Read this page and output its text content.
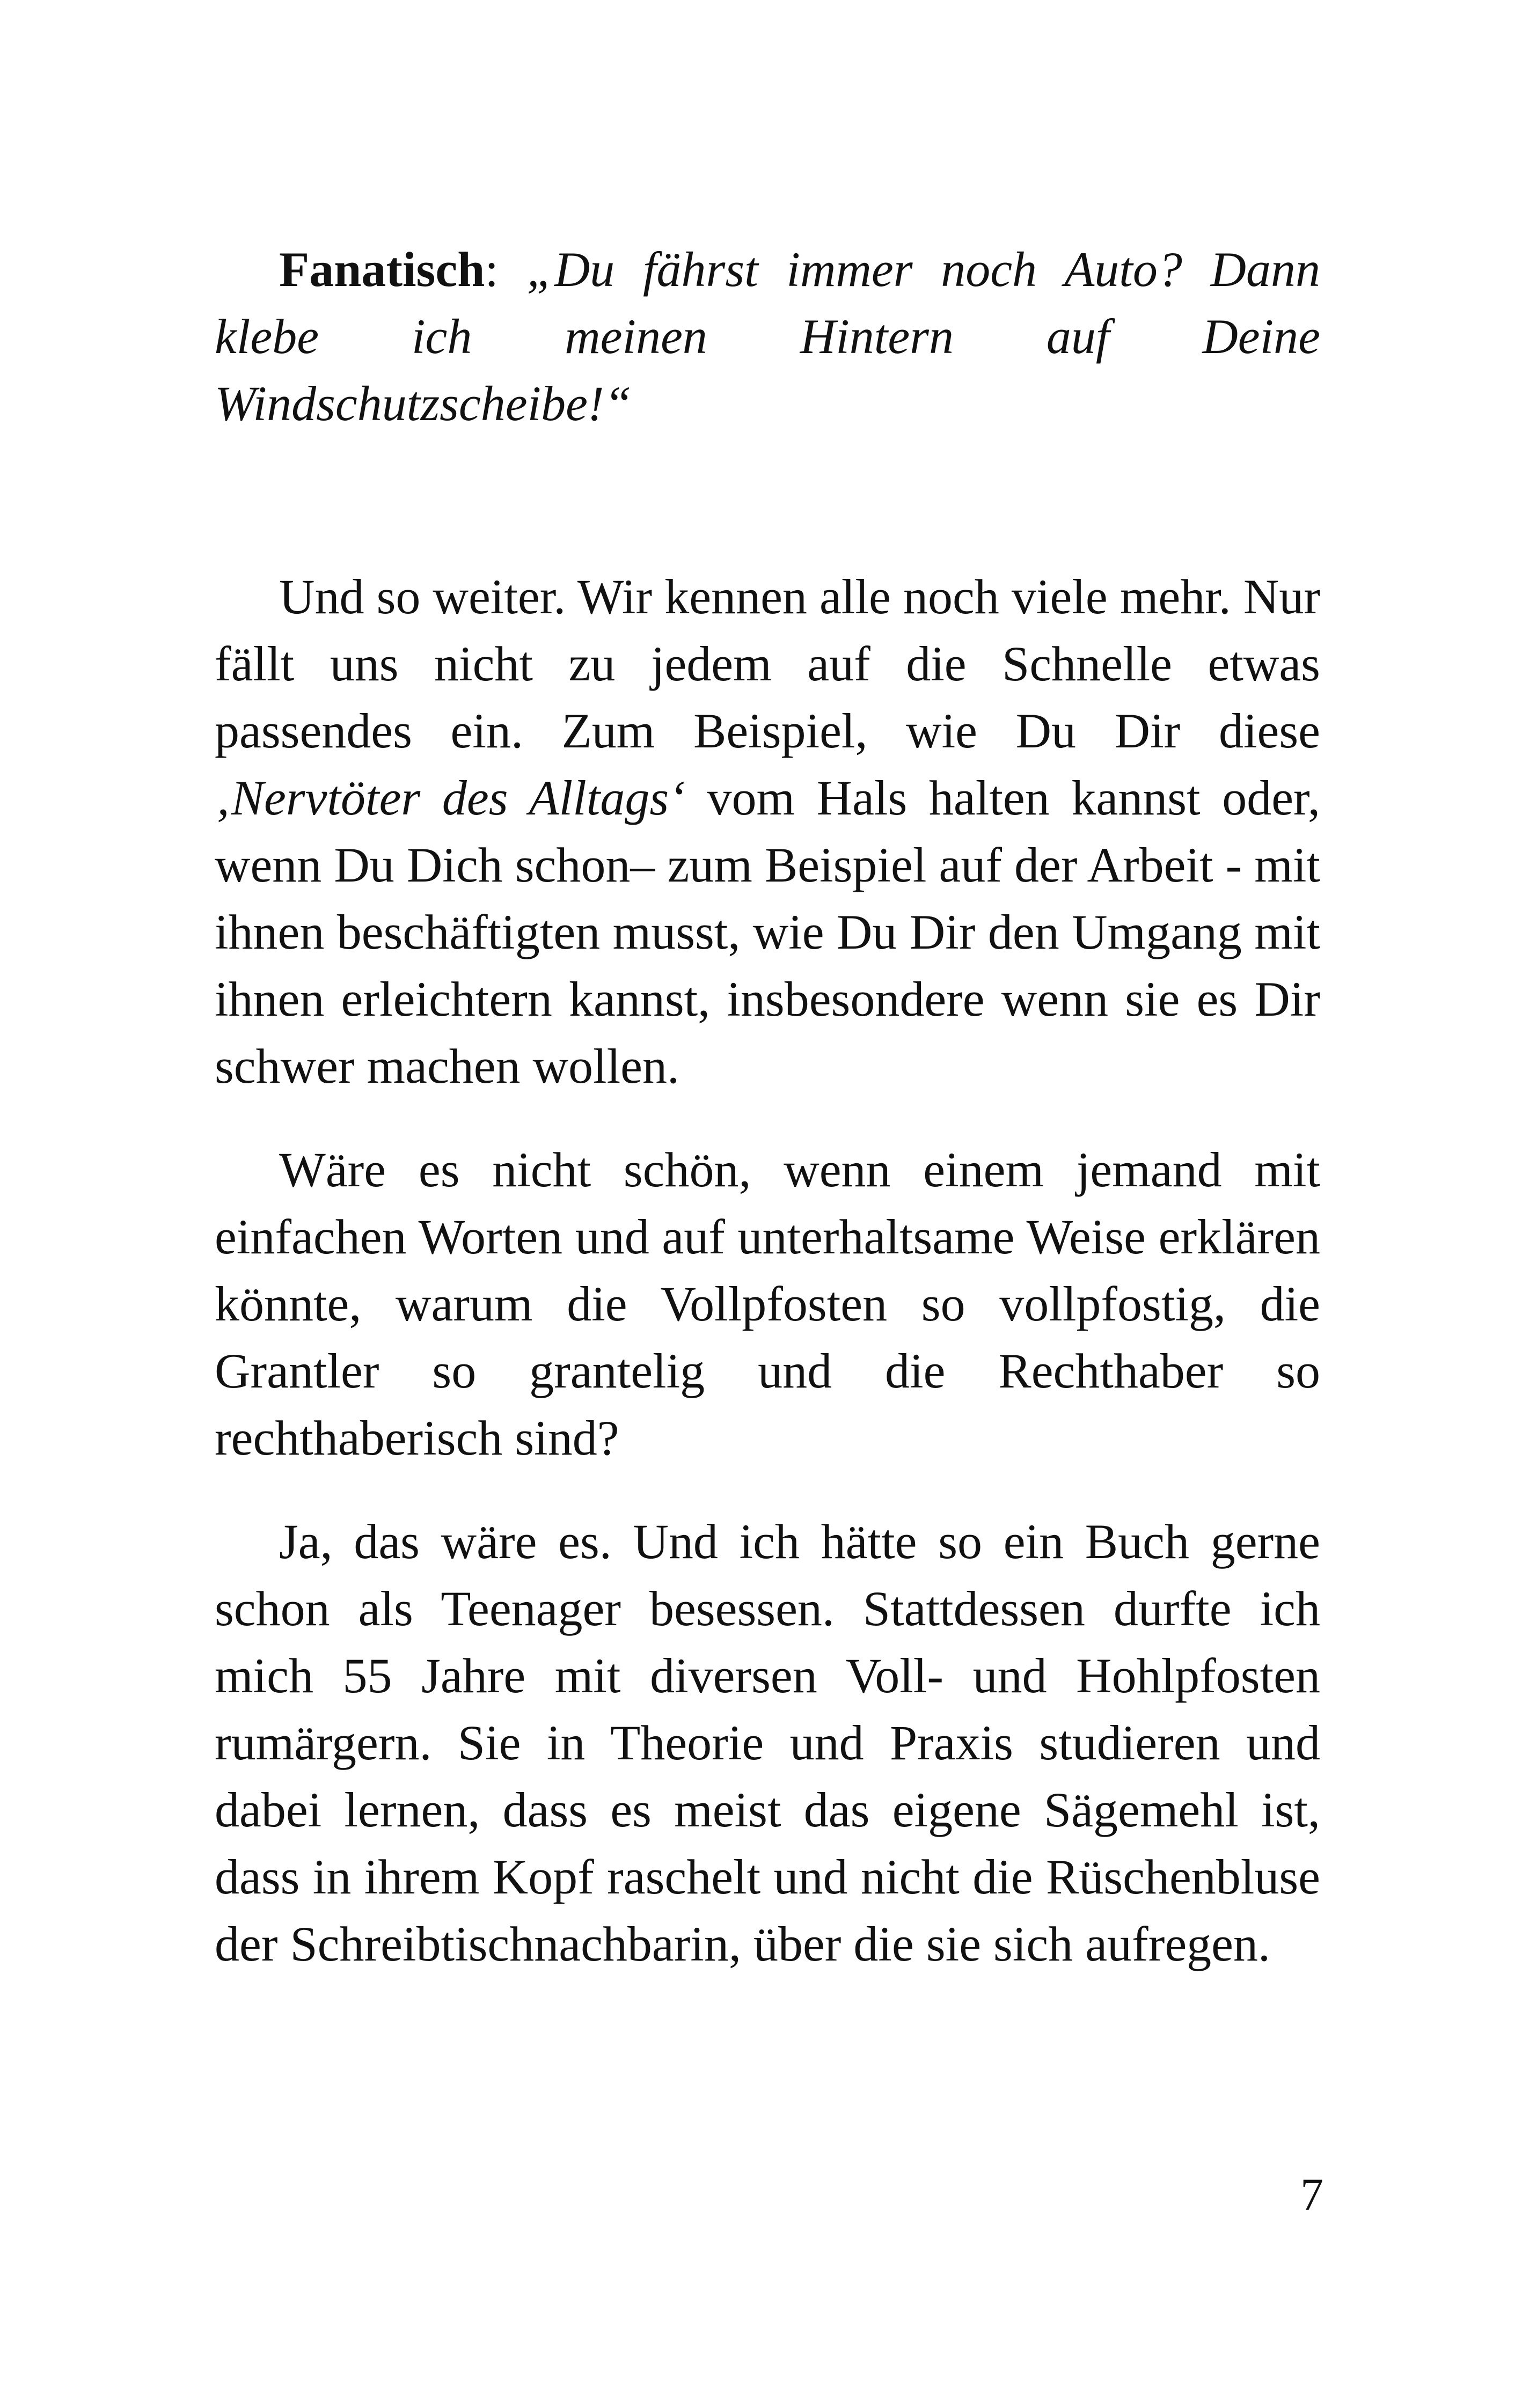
Fanatisch: „Du fährst immer noch Auto? Dann klebe ich meinen Hintern auf Deine Windschutzscheibe!“

Und so weiter. Wir kennen alle noch viele mehr. Nur fällt uns nicht zu jedem auf die Schnelle etwas passendes ein. Zum Beispiel, wie Du Dir diese ‚Nervtöter des Alltags‘ vom Hals halten kannst oder, wenn Du Dich schon– zum Beispiel auf der Arbeit - mit ihnen beschäftigten musst, wie Du Dir den Umgang mit ihnen erleichtern kannst, insbesondere wenn sie es Dir schwer machen wollen.

Wäre es nicht schön, wenn einem jemand mit einfachen Worten und auf unterhaltsame Weise erklären könnte, warum die Vollpfosten so vollpfostig, die Grantler so grantelig und die Rechthaber so rechthaberisch sind?

Ja, das wäre es. Und ich hätte so ein Buch gerne schon als Teenager besessen. Stattdessen durfte ich mich 55 Jahre mit diversen Voll- und Hohlpfosten rumärgern. Sie in Theorie und Praxis studieren und dabei lernen, dass es meist das eigene Sägemehl ist, dass in ihrem Kopf raschelt und nicht die Rüschenbluse der Schreibtischnachbarin, über die sie sich aufregen.

7
